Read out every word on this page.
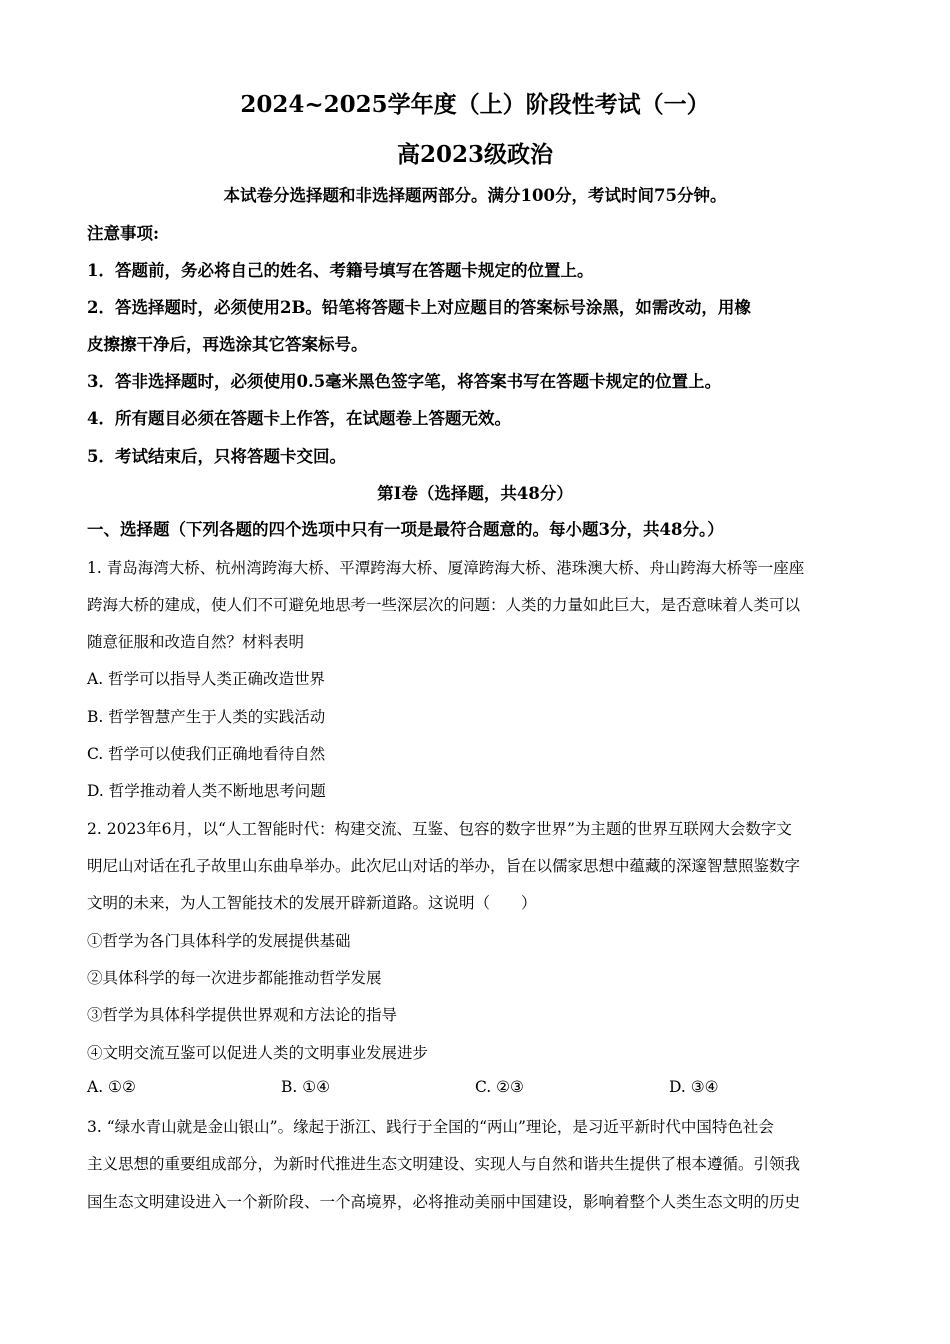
2024~2025学年度（上）阶段性考试（一）
高2023级政治
本试卷分选择题和非选择题两部分。满分100分，考试时间75分钟。
注意事项:
1．答题前，务必将自己的姓名、考籍号填写在答题卡规定的位置上。
2．答选择题时，必须使用2B。铅笔将答题卡上对应题目的答案标号涂黑，如需改动，用橡
皮擦擦干净后，再选涂其它答案标号。
3．答非选择题时，必须使用0.5毫米黑色签字笔，将答案书写在答题卡规定的位置上。
4．所有题目必须在答题卡上作答，在试题卷上答题无效。
5．考试结束后，只将答题卡交回。
第Ⅰ卷（选择题，共48分）
一、选择题（下列各题的四个选项中只有一项是最符合题意的。每小题3分，共48分。）
1. 青岛海湾大桥、杭州湾跨海大桥、平潭跨海大桥、厦漳跨海大桥、港珠澳大桥、舟山跨海大桥等一座座
跨海大桥的建成，使人们不可避免地思考一些深层次的问题：人类的力量如此巨大，是否意味着人类可以
随意征服和改造自然？材料表明
A. 哲学可以指导人类正确改造世界
B. 哲学智慧产生于人类的实践活动
C. 哲学可以使我们正确地看待自然
D. 哲学推动着人类不断地思考问题
2. 2023年6月，以“人工智能时代：构建交流、互鉴、包容的数字世界”为主题的世界互联网大会数字文
明尼山对话在孔子故里山东曲阜举办。此次尼山对话的举办，旨在以儒家思想中蕴藏的深邃智慧照鉴数字
文明的未来，为人工智能技术的发展开辟新道路。这说明（　　）
①哲学为各门具体科学的发展提供基础
②具体科学的每一次进步都能推动哲学发展
③哲学为具体科学提供世界观和方法论的指导
④文明交流互鉴可以促进人类的文明事业发展进步
A. ①②	B. ①④	C. ②③	D. ③④
3. “绿水青山就是金山银山”。缘起于浙江、践行于全国的“两山”理论，是习近平新时代中国特色社会
主义思想的重要组成部分，为新时代推进生态文明建设、实现人与自然和谐共生提供了根本遵循。引领我
国生态文明建设进入一个新阶段、一个高境界，必将推动美丽中国建设，影响着整个人类生态文明的历史
